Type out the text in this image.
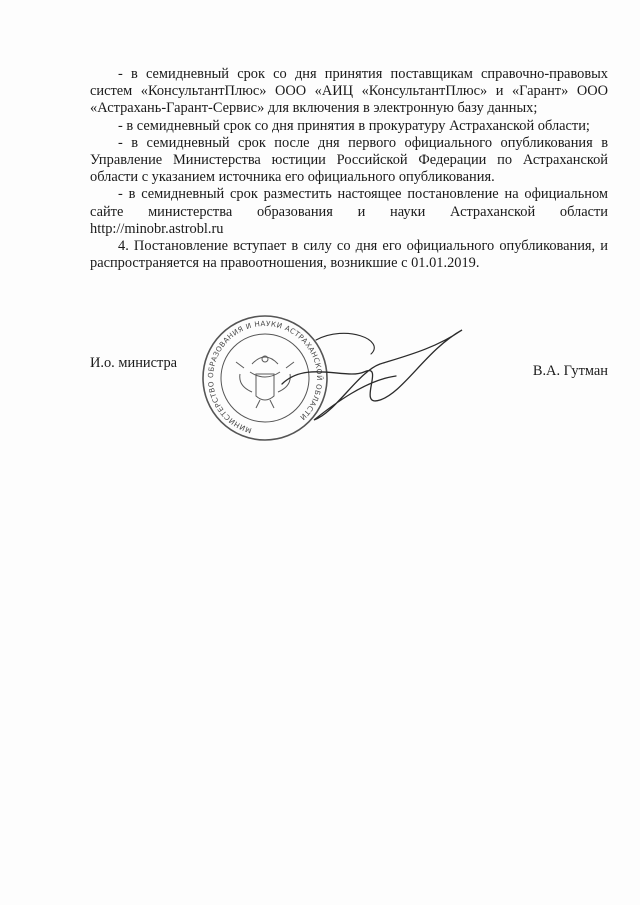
- в семидневный срок со дня принятия поставщикам справочно-правовых систем «КонсультантПлюс» ООО «АИЦ «КонсультантПлюс» и «Гарант» ООО «Астрахань-Гарант-Сервис» для включения в электронную базу данных;

- в семидневный срок со дня принятия в прокуратуру Астраханской области;

- в семидневный срок после дня первого официального опубликования в Управление Министерства юстиции Российской Федерации по Астраханской области с указанием источника его официального опубликования.

- в семидневный срок разместить настоящее постановление на официальном сайте министерства образования и науки Астраханской области http://minobr.astrobl.ru

4. Постановление вступает в силу со дня его официального опубликования, и распространяется на правоотношения, возникшие с 01.01.2019.

МИНИСТЕРСТВО ОБРАЗОВАНИЯ И НАУКИ АСТРАХАНСКОЙ ОБЛАСТИ
И.о. министра	В.А. Гутман
